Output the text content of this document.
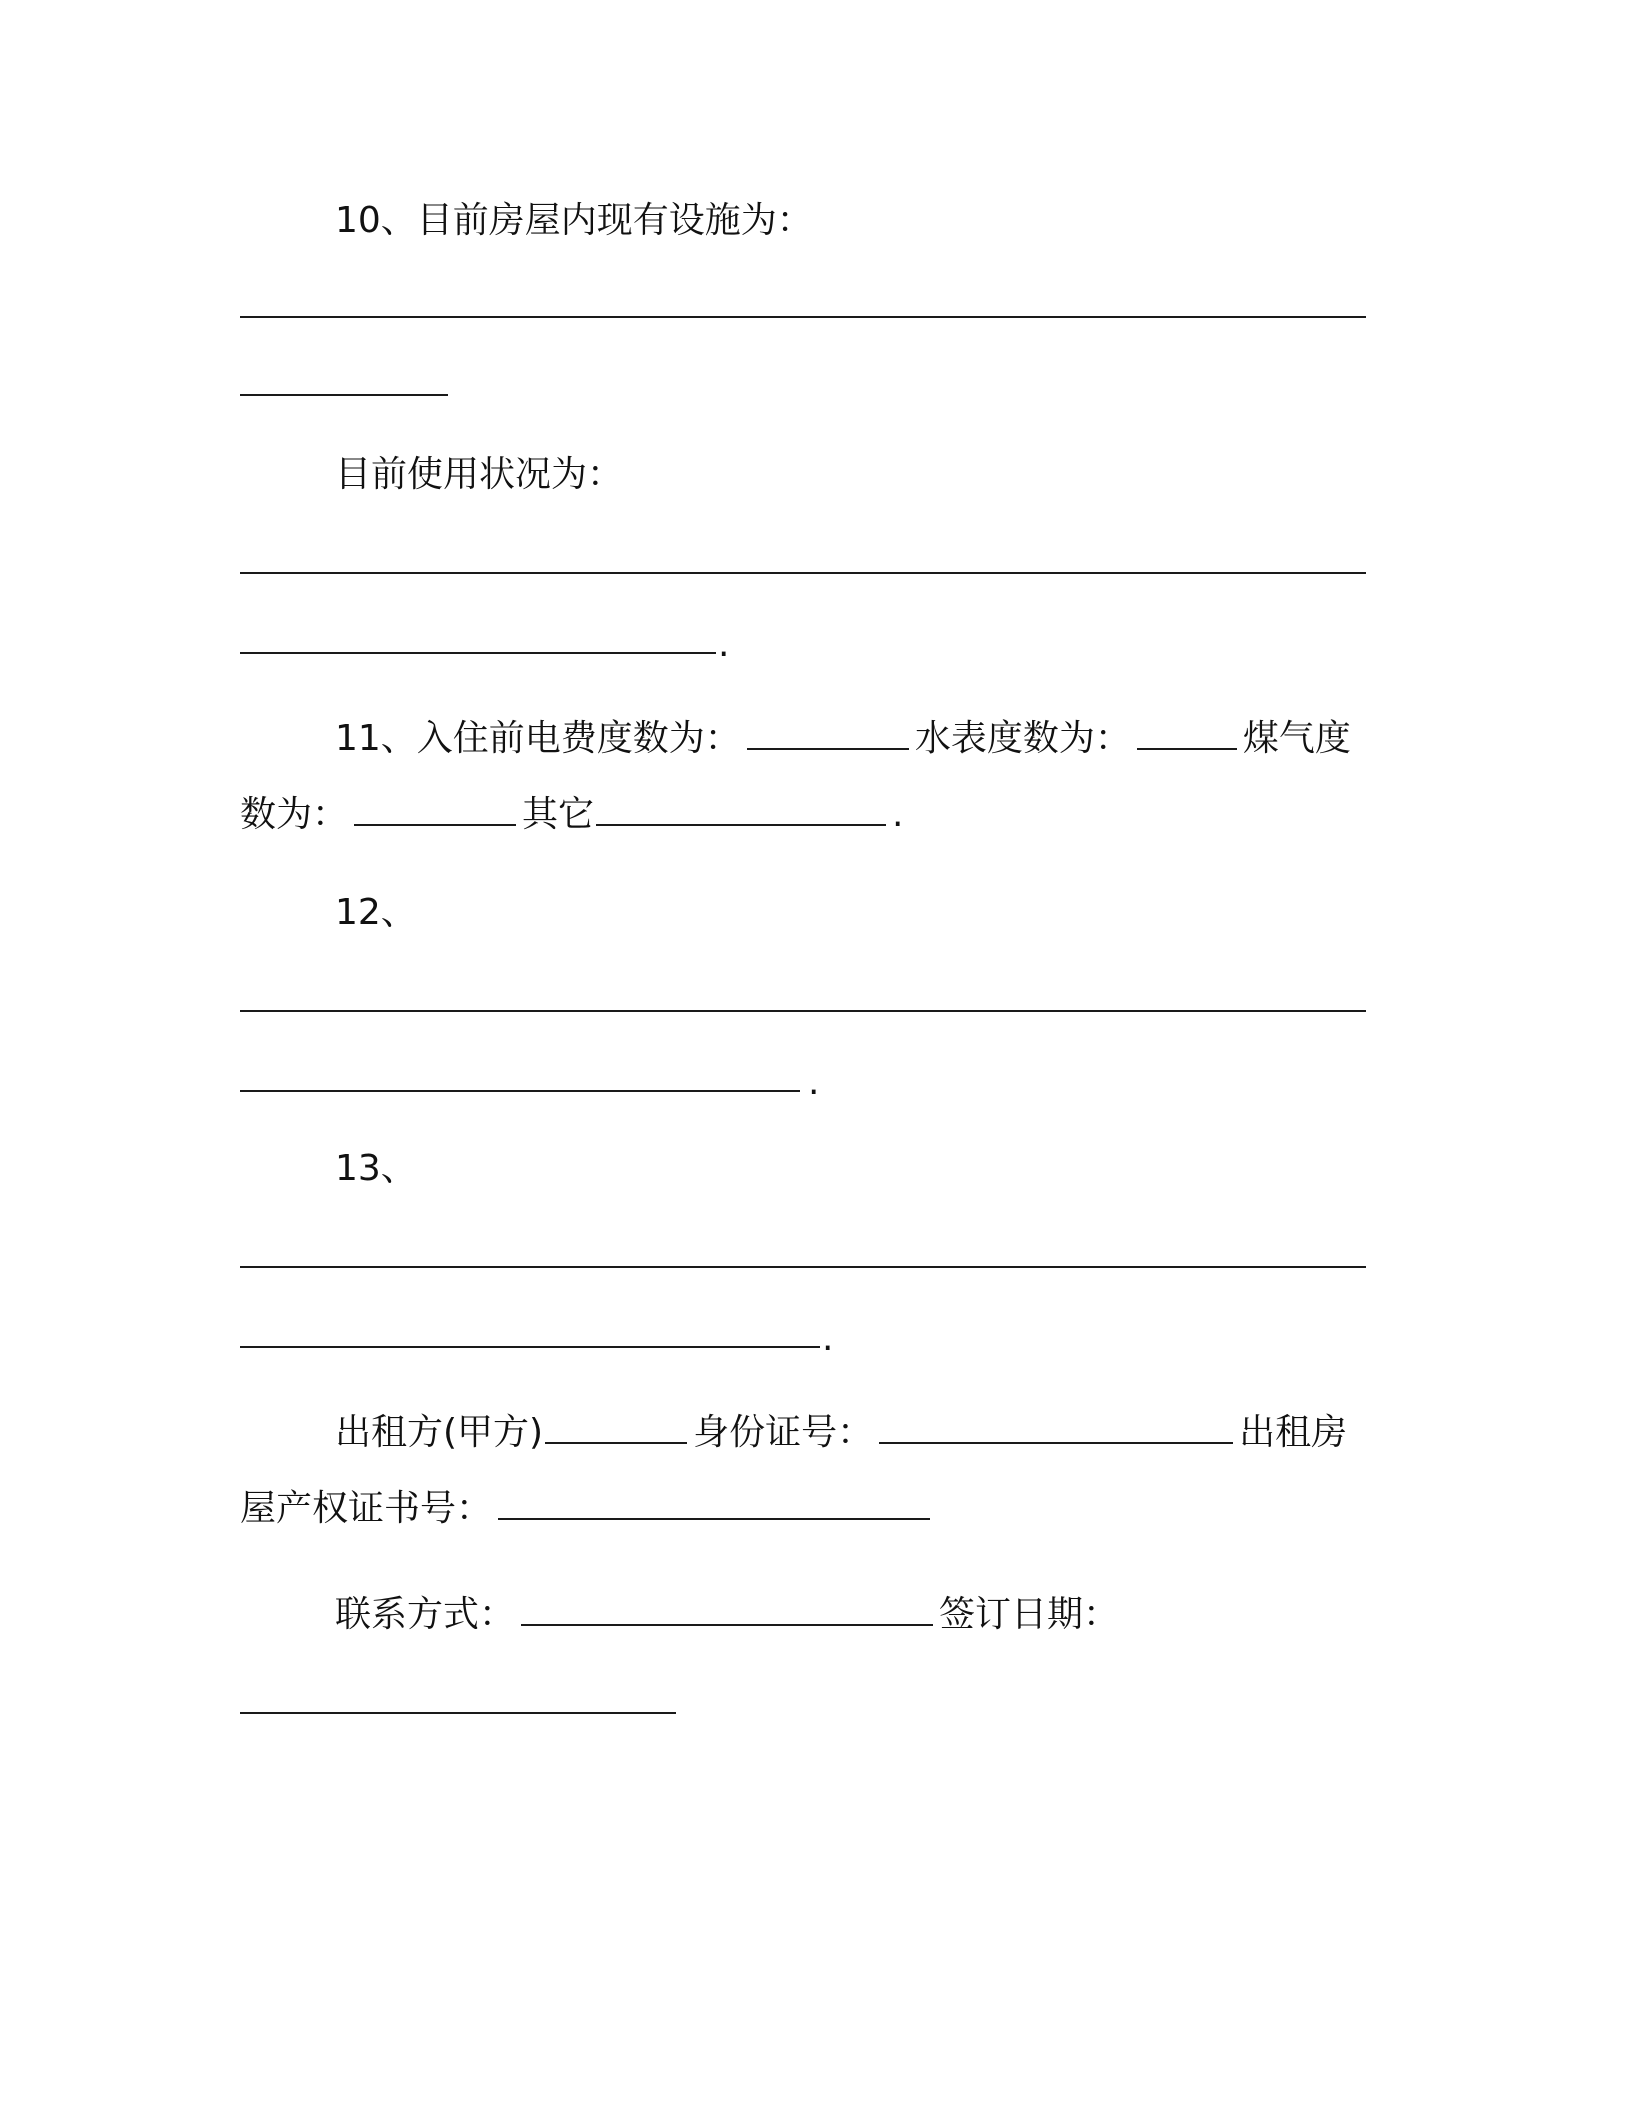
10、目前房屋内现有设施为：
目前使用状况为：
.
11、入住前电费度数为：	水表度数为：	煤气度
数为：	其它	.
12、
.
13、
.
出租方(甲方)	身份证号：	出租房
屋产权证书号：
联系方式：	签订日期：
